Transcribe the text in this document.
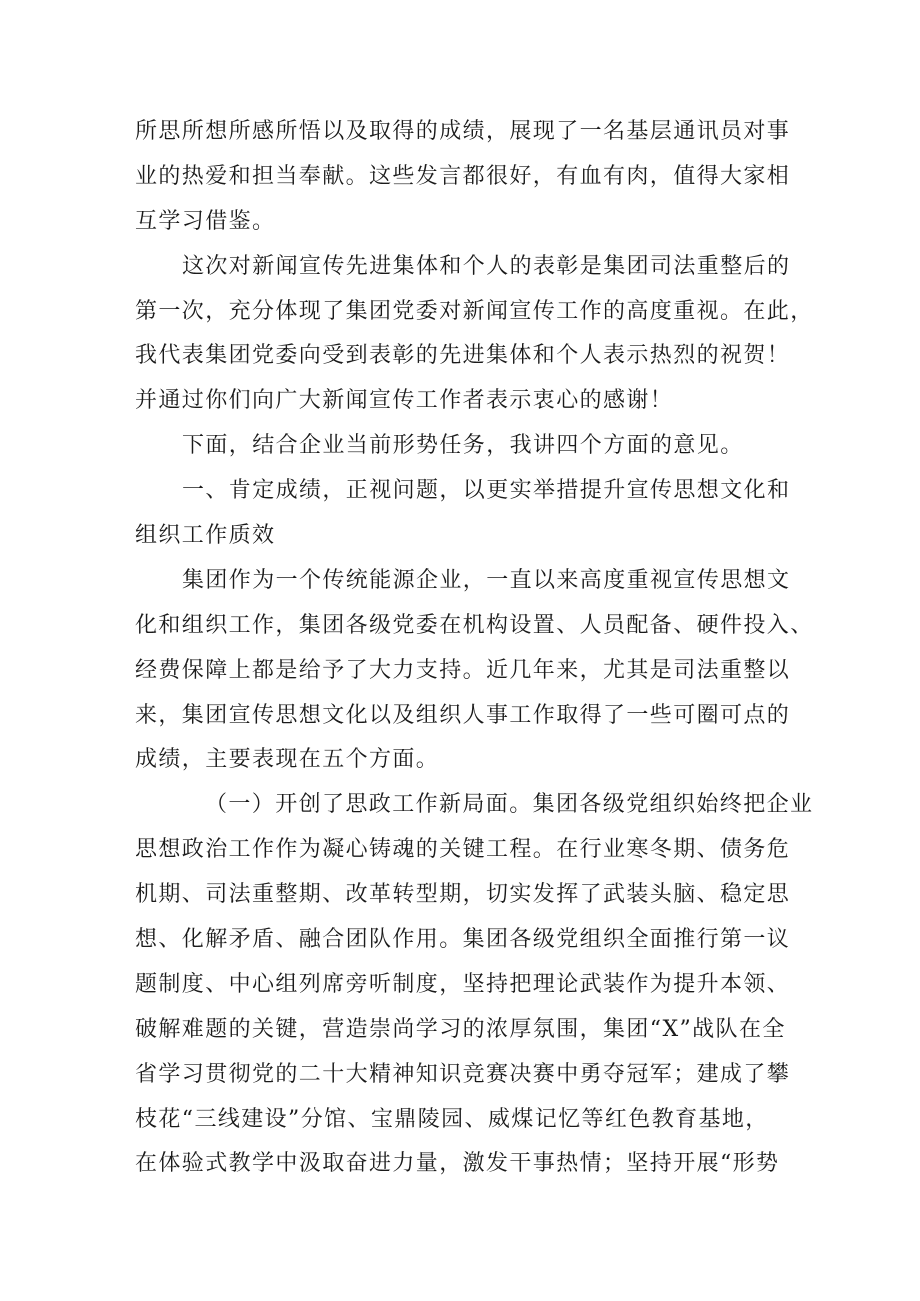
所思所想所感所悟以及取得的成绩，展现了一名基层通讯员对事
业的热爱和担当奉献。这些发言都很好，有血有肉，值得大家相
互学习借鉴。
这次对新闻宣传先进集体和个人的表彰是集团司法重整后的
第一次，充分体现了集团党委对新闻宣传工作的高度重视。在此，
我代表集团党委向受到表彰的先进集体和个人表示热烈的祝贺！
并通过你们向广大新闻宣传工作者表示衷心的感谢！
下面，结合企业当前形势任务，我讲四个方面的意见。
一、肯定成绩，正视问题，以更实举措提升宣传思想文化和
组织工作质效
集团作为一个传统能源企业，一直以来高度重视宣传思想文
化和组织工作，集团各级党委在机构设置、人员配备、硬件投入、
经费保障上都是给予了大力支持。近几年来，尤其是司法重整以
来，集团宣传思想文化以及组织人事工作取得了一些可圈可点的
成绩，主要表现在五个方面。
（一）开创了思政工作新局面。集团各级党组织始终把企业
思想政治工作作为凝心铸魂的关键工程。在行业寒冬期、债务危
机期、司法重整期、改革转型期，切实发挥了武装头脑、稳定思
想、化解矛盾、融合团队作用。集团各级党组织全面推行第一议
题制度、中心组列席旁听制度，坚持把理论武装作为提升本领、
破解难题的关键，营造崇尚学习的浓厚氛围，集团“X”战队在全
省学习贯彻党的二十大精神知识竞赛决赛中勇夺冠军；建成了攀
枝花“三线建设”分馆、宝鼎陵园、威煤记忆等红色教育基地，
在体验式教学中汲取奋进力量，激发干事热情；坚持开展“形势
